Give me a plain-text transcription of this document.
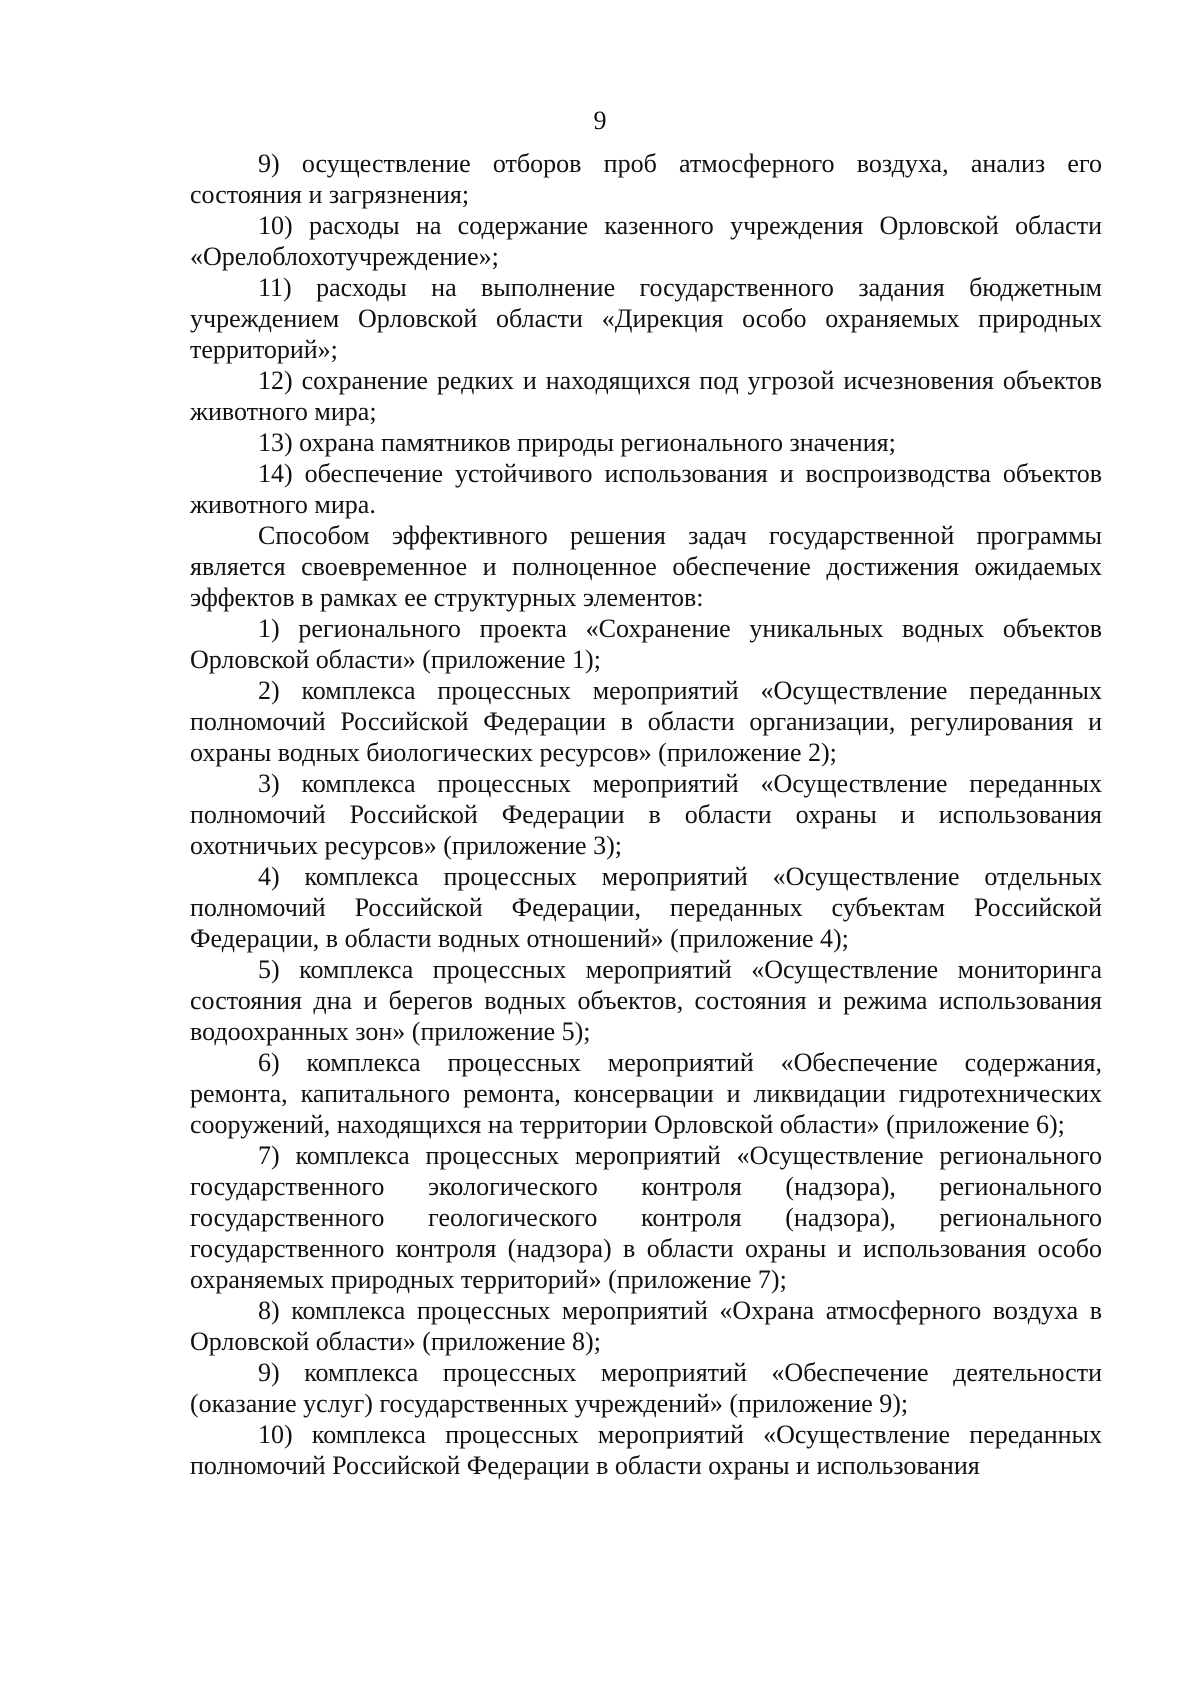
9

9) осуществление отборов проб атмосферного воздуха, анализ его состояния и загрязнения;

10) расходы на содержание казенного учреждения Орловской области «Орелоблохотучреждение»;

11) расходы на выполнение государственного задания бюджетным учреждением Орловской области «Дирекция особо охраняемых природных территорий»;

12) сохранение редких и находящихся под угрозой исчезновения объектов животного мира;

13) охрана памятников природы регионального значения;

14) обеспечение устойчивого использования и воспроизводства объектов животного мира.

Способом эффективного решения задач государственной программы является своевременное и полноценное обеспечение достижения ожидаемых эффектов в рамках ее структурных элементов:

1) регионального проекта «Сохранение уникальных водных объектов Орловской области» (приложение 1);

2) комплекса процессных мероприятий «Осуществление переданных полномочий Российской Федерации в области организации, регулирования и охраны водных биологических ресурсов» (приложение 2);

3) комплекса процессных мероприятий «Осуществление переданных полномочий Российской Федерации в области охраны и использования охотничьих ресурсов» (приложение 3);

4) комплекса процессных мероприятий «Осуществление отдельных полномочий Российской Федерации, переданных субъектам Российской Федерации, в области водных отношений» (приложение 4);

5) комплекса процессных мероприятий «Осуществление мониторинга состояния дна и берегов водных объектов, состояния и режима использования водоохранных зон» (приложение 5);

6) комплекса процессных мероприятий «Обеспечение содержания, ремонта, капитального ремонта, консервации и ликвидации гидротехнических сооружений, находящихся на территории Орловской области» (приложение 6);

7) комплекса процессных мероприятий «Осуществление регионального государственного экологического контроля (надзора), регионального государственного геологического контроля (надзора), регионального государственного контроля (надзора) в области охраны и использования особо охраняемых природных территорий» (приложение 7);

8) комплекса процессных мероприятий «Охрана атмосферного воздуха в Орловской области» (приложение 8);

9) комплекса процессных мероприятий «Обеспечение деятельности (оказание услуг) государственных учреждений» (приложение 9);

10) комплекса процессных мероприятий «Осуществление переданных полномочий Российской Федерации в области охраны и использования
